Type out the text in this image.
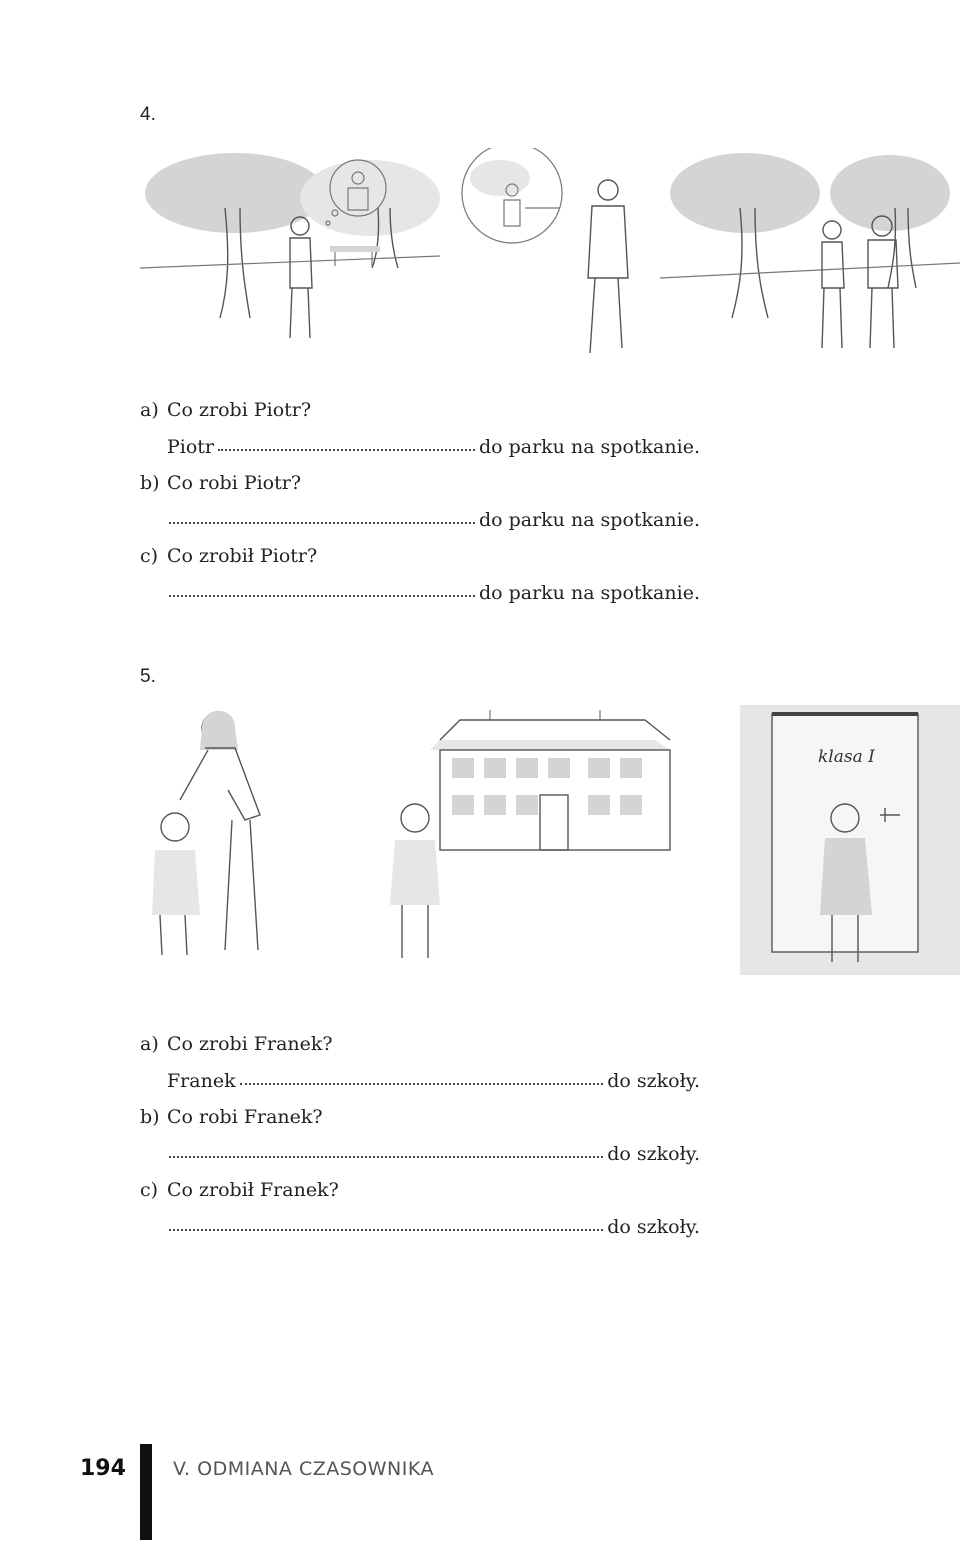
4.
a) Co zrobi Piotr?
Piotr	do parku na spotkanie.
b) Co robi Piotr?
do parku na spotkanie.
c) Co zrobił Piotr?
do parku na spotkanie.
5.
klasa I
a) Co zrobi Franek?
Franek	do szkoły.
b) Co robi Franek?
do szkoły.
c) Co zrobił Franek?
do szkoły.
194 V. ODMIANA CZASOWNIKA
